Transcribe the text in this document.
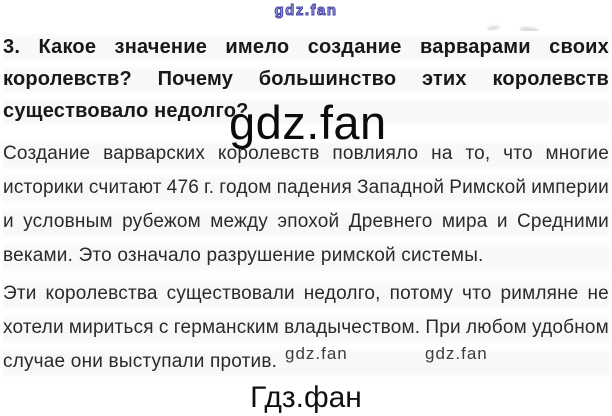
gdz.fan
3. Какое значение имело создание варварами своих
королевств? Почему большинство этих королевств
существовало недолго?
gdz.fan
Создание варварских королевств повлияло на то, что многие
историки считают 476 г. годом падения Западной Римской империи
и условным рубежом между эпохой Древнего мира и Средними
веками. Это означало разрушение римской системы.
Эти королевства существовали недолго, потому что римляне не
хотели мириться с германским владычеством. При любом удобном
случае они выступали против. gdz.fan	gdz.fan
Гдз.фан
